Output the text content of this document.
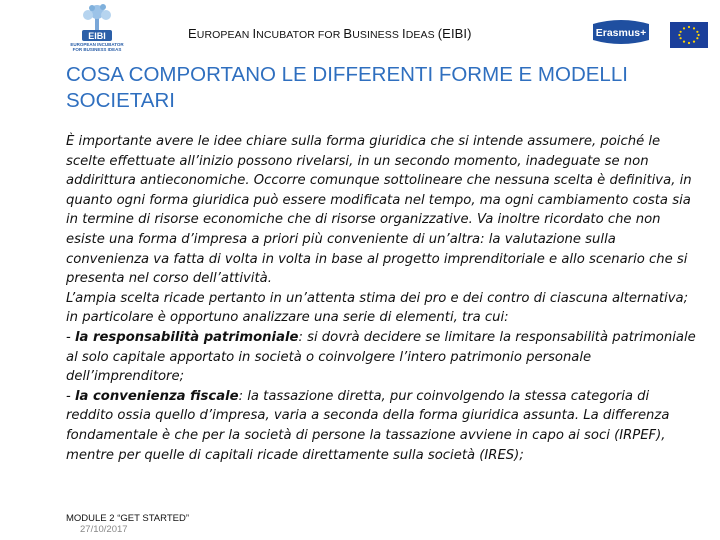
EIBI
EUROPEAN INCUBATOR FOR BUSINESS IDEAS
EUROPEAN INCUBATOR FOR BUSINESS IDEAS (EIBI)	Erasmus+
COSA COMPORTANO LE DIFFERENTI FORME E MODELLI SOCIETARI

È importante avere le idee chiare sulla forma giuridica che si intende assumere, poiché le scelte effettuate all’inizio possono rivelarsi, in un secondo momento, inadeguate se non addirittura antieconomiche. Occorre comunque sottolineare che nessuna scelta è definitiva, in quanto ogni forma giuridica può essere modificata nel tempo, ma ogni cambiamento costa sia in termine di risorse economiche che di risorse organizzative. Va inoltre ricordato che non esiste una forma d’impresa a priori più conveniente di un’altra: la valutazione sulla convenienza va fatta di volta in volta in base al progetto imprenditoriale e allo scenario che si presenta nel corso dell’attività.

L’ampia scelta ricade pertanto in un’attenta stima dei pro e dei contro di ciascuna alternativa; in particolare è opportuno analizzare una serie di elementi, tra cui:

- la responsabilità patrimoniale: si dovrà decidere se limitare la responsabilità patrimoniale al solo capitale apportato in società o coinvolgere l’intero patrimonio personale dell’imprenditore;

- la convenienza fiscale: la tassazione diretta, pur coinvolgendo la stessa categoria di reddito ossia quello d’impresa, varia a seconda della forma giuridica assunta. La differenza fondamentale è che per la società di persone la tassazione avviene in capo ai soci (IRPEF), mentre per quelle di capitali ricade direttamente sulla società (IRES);

27/10/2017
MODULE 2 “GET STARTED”
